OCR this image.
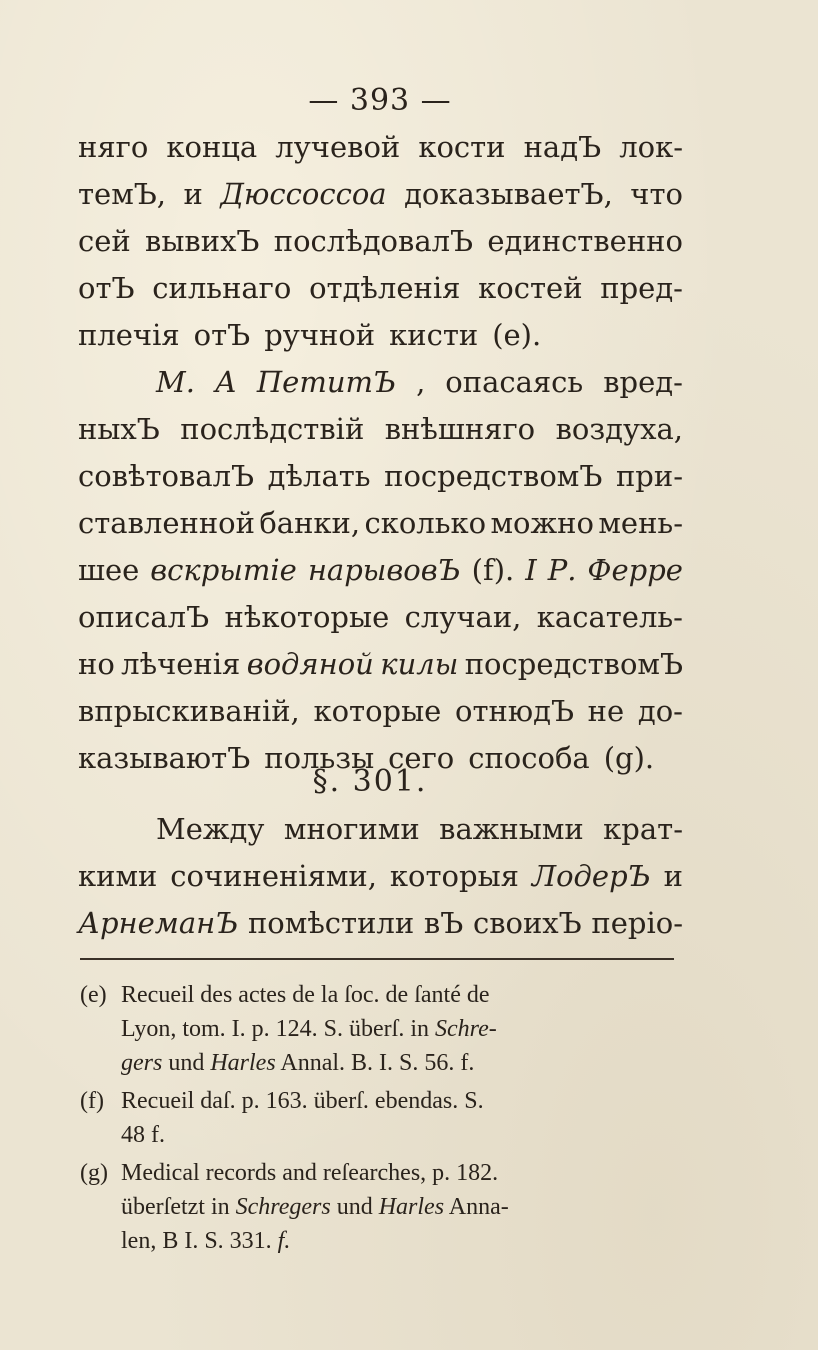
— 393 —
няго конца лучевой кости надЪ лок-
темЪ, и Дюссоссоа доказываетЪ, что
сей вывихЪ послѣдовалЪ единственно
отЪ сильнаго отдѣленія костей пред-
плечія отЪ ручной кисти (e).
М. А ПетитЪ , опасаясь вред-
ныхЪ послѣдствій внѣшняго воздуха,
совѣтовалЪ дѣлать посредствомЪ при-
ставленной банки, сколько можно мень-
шее вскрытіе нарывовЪ (f). I Р. Ферре
описалЪ нѣкоторые случаи, касатель-
но лѣченія водяной килы посредствомЪ
впрыскиваній, которые отнюдЪ не до-
казываютЪ пользы сего способа (g).
§. 301.
Между многими важными крат-
кими сочиненіями, которыя ЛодерЪ и
АрнеманЪ помѣстили вЪ своихЪ перiо-
(e) Recueil des actes de la ſoc. de ſanté de
Lyon, tom. I. p. 124. S. überſ. in Schre-
gers und Harles Annal. B. I. S. 56. f.
(f) Recueil daſ. p. 163. überſ. ebendas. S.
48 f.
(g) Medical records and reſearches, p. 182.
überſetzt in Schregers und Harles Anna-
len, B I. S. 331. f.
